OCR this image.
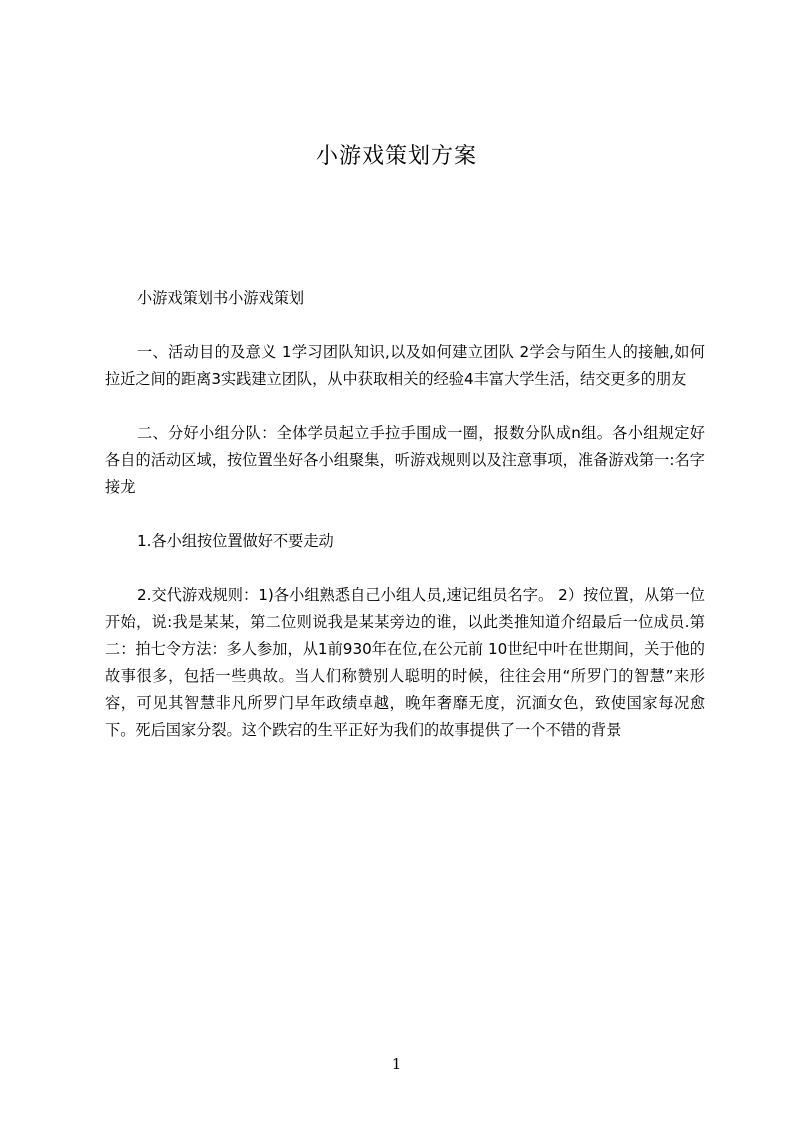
小游戏策划方案

小游戏策划书小游戏策划

一、活动目的及意义 1学习团队知识,以及如何建立团队 2学会与陌生人的接触,如何拉近之间的距离3实践建立团队，从中获取相关的经验4丰富大学生活，结交更多的朋友

二、分好小组分队：全体学员起立手拉手围成一圈，报数分队成n组。各小组规定好各自的活动区域，按位置坐好各小组聚集，听游戏规则以及注意事项，准备游戏第一:名字接龙

1.各小组按位置做好不要走动

2.交代游戏规则：1)各小组熟悉自己小组人员,速记组员名字。 2）按位置，从第一位开始，说:我是某某，第二位则说我是某某旁边的谁，以此类推知道介绍最后一位成员.第二：拍七令方法：多人参加，从1前930年在位,在公元前 10世纪中叶在世期间，关于他的故事很多，包括一些典故。当人们称赞别人聪明的时候，往往会用“所罗门的智慧”来形容，可见其智慧非凡所罗门早年政绩卓越，晚年奢靡无度，沉湎女色，致使国家每况愈下。死后国家分裂。这个跌宕的生平正好为我们的故事提供了一个不错的背景

1
